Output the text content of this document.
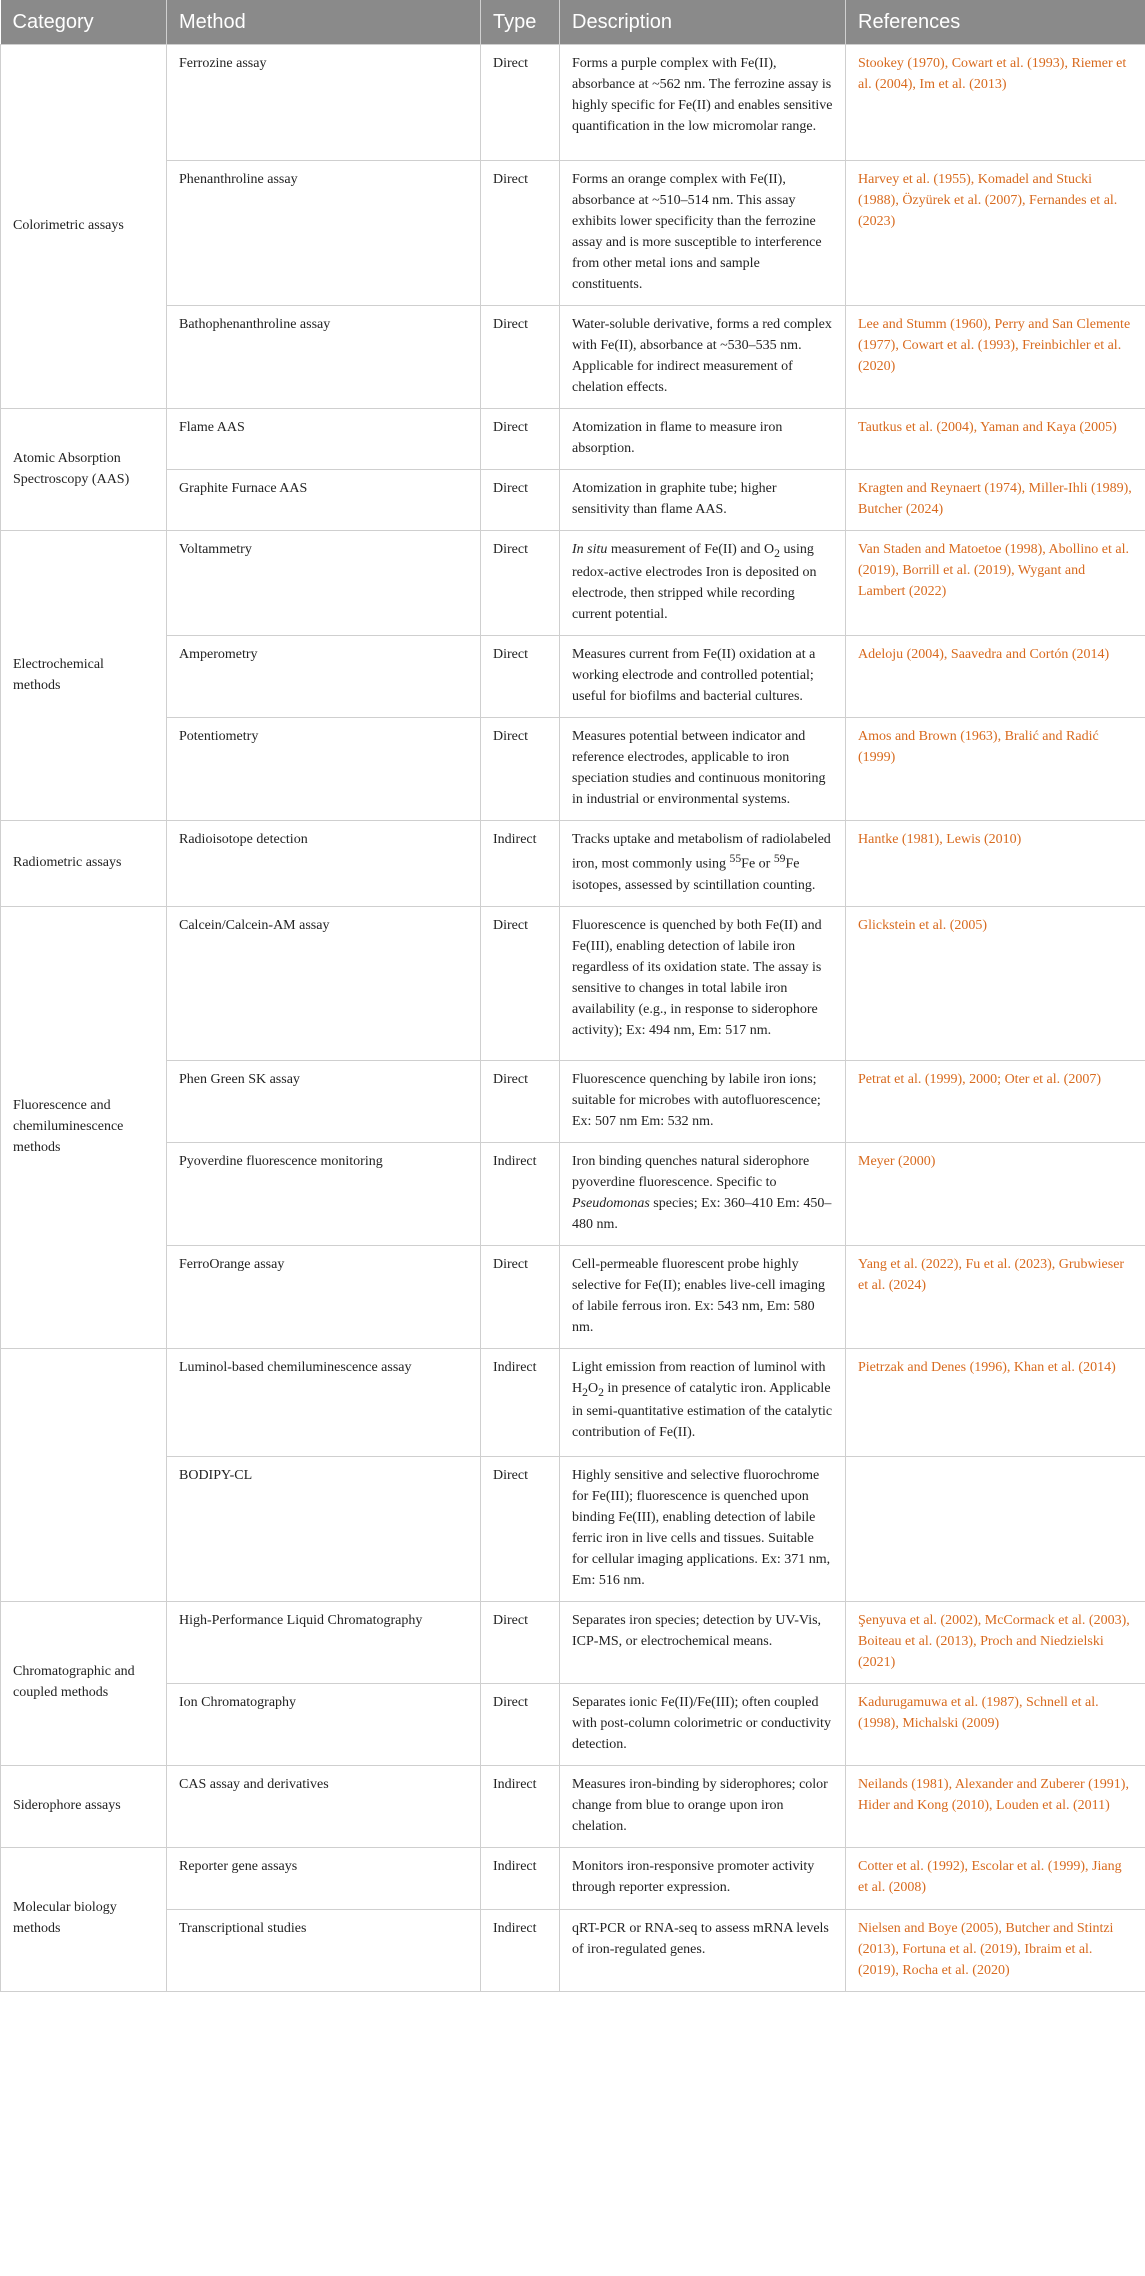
Category	Method	Type	Description	References
Colorimetric assays	Ferrozine assay	Direct	Forms a purple complex with Fe(II), absorbance at ~562 nm. The ferrozine assay is highly specific for Fe(II) and enables sensitive quantification in the low micromolar range.	Stookey (1970), Cowart et al. (1993), Riemer et al. (2004), Im et al. (2013)
	Phenanthroline assay	Direct	Forms an orange complex with Fe(II), absorbance at ~510–514 nm. This assay exhibits lower specificity than the ferrozine assay and is more susceptible to interference from other metal ions and sample constituents.	Harvey et al. (1955), Komadel and Stucki (1988), Özyürek et al. (2007), Fernandes et al. (2023)
	Bathophenanthroline assay	Direct	Water-soluble derivative, forms a red complex with Fe(II), absorbance at ~530–535 nm. Applicable for indirect measurement of chelation effects.	Lee and Stumm (1960), Perry and San Clemente (1977), Cowart et al. (1993), Freinbichler et al. (2020)
Atomic Absorption Spectroscopy (AAS)	Flame AAS	Direct	Atomization in flame to measure iron absorption.	Tautkus et al. (2004), Yaman and Kaya (2005)
	Graphite Furnace AAS	Direct	Atomization in graphite tube; higher sensitivity than flame AAS.	Kragten and Reynaert (1974), Miller-Ihli (1989), Butcher (2024)
Electrochemical methods	Voltammetry	Direct	In situ measurement of Fe(II) and $O_2$ using redox-active electrodes Iron is deposited on electrode, then stripped while recording current potential.	Van Staden and Matoetoe (1998), Abollino et al. (2019), Borrill et al. (2019), Wygant and Lambert (2022)
	Amperometry	Direct	Measures current from Fe(II) oxidation at a working electrode and controlled potential; useful for biofilms and bacterial cultures.	Adeloju (2004), Saavedra and Cortón (2014)
	Potentiometry	Direct	Measures potential between indicator and reference electrodes, applicable to iron speciation studies and continuous monitoring in industrial or environmental systems.	Amos and Brown (1963), Bralić and Radić (1999)
Radiometric assays	Radioisotope detection	Indirect	Tracks uptake and metabolism of radiolabeled iron, most commonly using $^{55}$Fe or $^{59}$Fe isotopes, assessed by scintillation counting.	Hantke (1981), Lewis (2010)
Fluorescence and chemiluminescence methods	Calcein/Calcein-AM assay	Direct	Fluorescence is quenched by both Fe(II) and Fe(III), enabling detection of labile iron regardless of its oxidation state. The assay is sensitive to changes in total labile iron availability (e.g., in response to siderophore activity); Ex: 494 nm, Em: 517 nm.	Glickstein et al. (2005)
	Phen Green SK assay	Direct	Fluorescence quenching by labile iron ions; suitable for microbes with autofluorescence; Ex: 507 nm Em: 532 nm.	Petrat et al. (1999), 2000; Oter et al. (2007)
	Pyoverdine fluorescence monitoring	Indirect	Iron binding quenches natural siderophore pyoverdine fluorescence. Specific to Pseudomonas species; Ex: 360–410 Em: 450–480 nm.	Meyer (2000)
	FerroOrange assay	Direct	Cell-permeable fluorescent probe highly selective for Fe(II); enables live-cell imaging of labile ferrous iron. Ex: 543 nm, Em: 580 nm.	Yang et al. (2022), Fu et al. (2023), Grubwieser et al. (2024)
	Luminol-based chemiluminescence assay	Indirect	Light emission from reaction of luminol with $H_2O_2$ in presence of catalytic iron. Applicable in semi-quantitative estimation of the catalytic contribution of Fe(II).	Pietrzak and Denes (1996), Khan et al. (2014)
	BODIPY-CL	Direct	Highly sensitive and selective fluorochrome for Fe(III); fluorescence is quenched upon binding Fe(III), enabling detection of labile ferric iron in live cells and tissues. Suitable for cellular imaging applications. Ex: 371 nm, Em: 516 nm.	
Chromatographic and coupled methods	High-Performance Liquid Chromatography	Direct	Separates iron species; detection by UV-Vis, ICP-MS, or electrochemical means.	Şenyuva et al. (2002), McCormack et al. (2003), Boiteau et al. (2013), Proch and Niedzielski (2021)
	Ion Chromatography	Direct	Separates ionic Fe(II)/Fe(III); often coupled with post-column colorimetric or conductivity detection.	Kadurugamuwa et al. (1987), Schnell et al. (1998), Michalski (2009)
Siderophore assays	CAS assay and derivatives	Indirect	Measures iron-binding by siderophores; color change from blue to orange upon iron chelation.	Neilands (1981), Alexander and Zuberer (1991), Hider and Kong (2010), Louden et al. (2011)
Molecular biology methods	Reporter gene assays	Indirect	Monitors iron-responsive promoter activity through reporter expression.	Cotter et al. (1992), Escolar et al. (1999), Jiang et al. (2008)
	Transcriptional studies	Indirect	qRT-PCR or RNA-seq to assess mRNA levels of iron-regulated genes.	Nielsen and Boye (2005), Butcher and Stintzi (2013), Fortuna et al. (2019), Ibraim et al. (2019), Rocha et al. (2020)
